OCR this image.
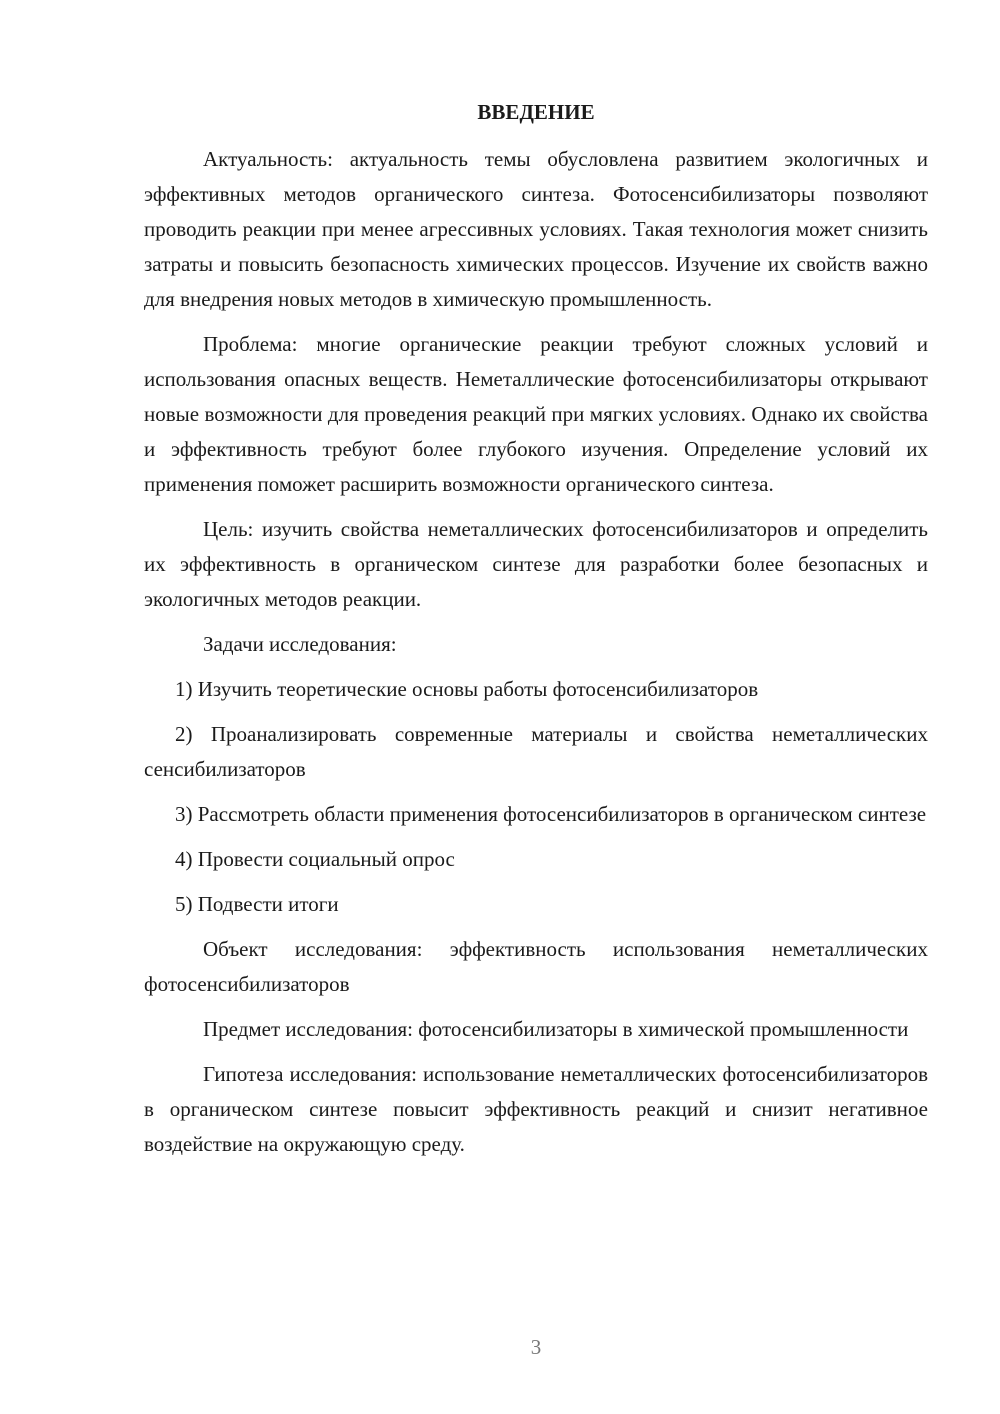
ВВЕДЕНИЕ

Актуальность: актуальность темы обусловлена развитием экологичных и эффективных методов органического синтеза. Фотосенсибилизаторы позволяют проводить реакции при менее агрессивных условиях. Такая технология может снизить затраты и повысить безопасность химических процессов. Изучение их свойств важно для внедрения новых методов в химическую промышленность.

Проблема: многие органические реакции требуют сложных условий и использования опасных веществ. Неметаллические фотосенсибилизаторы открывают новые возможности для проведения реакций при мягких условиях. Однако их свойства и эффективность требуют более глубокого изучения. Определение условий их применения поможет расширить возможности органического синтеза.

Цель: изучить свойства неметаллических фотосенсибилизаторов и определить их эффективность в органическом синтезе для разработки более безопасных и экологичных методов реакции.

Задачи исследования:

1) Изучить теоретические основы работы фотосенсибилизаторов

2) Проанализировать современные материалы и свойства неметаллических сенсибилизаторов

3) Рассмотреть области применения фотосенсибилизаторов в органическом синтезе

4) Провести социальный опрос

5) Подвести итоги

Объект исследования: эффективность использования неметаллических фотосенсибилизаторов

Предмет исследования: фотосенсибилизаторы в химической промышленности

Гипотеза исследования: использование неметаллических фотосенсибилизаторов в органическом синтезе повысит эффективность реакций и снизит негативное воздействие на окружающую среду.

3
